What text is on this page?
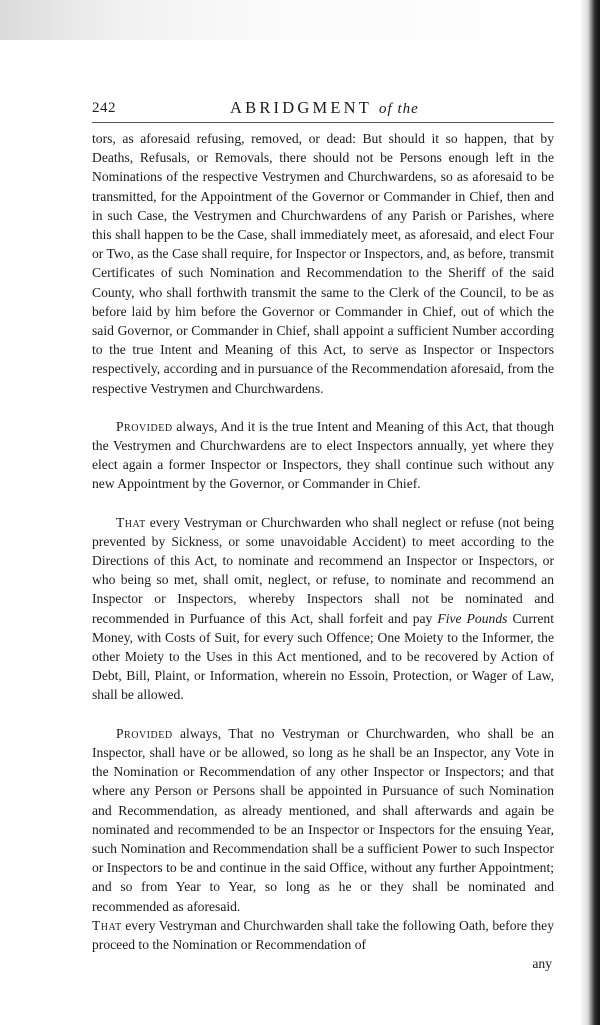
242	ABRIDGMENT of the

tors, as aforesaid refusing, removed, or dead: But should it so happen, that by Deaths, Refusals, or Removals, there should not be Persons enough left in the Nominations of the respective Vestrymen and Churchwardens, so as aforesaid to be transmitted, for the Appointment of the Governor or Commander in Chief, then and in such Case, the Vestrymen and Churchwardens of any Parish or Parishes, where this shall happen to be the Case, shall immediately meet, as aforesaid, and elect Four or Two, as the Case shall require, for Inspector or Inspectors, and, as before, transmit Certificates of such Nomination and Recommendation to the Sheriff of the said County, who shall forthwith transmit the same to the Clerk of the Council, to be as before laid by him before the Governor or Commander in Chief, out of which the said Governor, or Commander in Chief, shall appoint a sufficient Number according to the true Intent and Meaning of this Act, to serve as Inspector or Inspectors respectively, according and in pursuance of the Recommendation aforesaid, from the respective Vestrymen and Churchwardens.

Provided always, And it is the true Intent and Meaning of this Act, that though the Vestrymen and Churchwardens are to elect Inspectors annually, yet where they elect again a former Inspector or Inspectors, they shall continue such without any new Appointment by the Governor, or Commander in Chief.

That every Vestryman or Churchwarden who shall neglect or refuse (not being prevented by Sickness, or some unavoidable Accident) to meet according to the Directions of this Act, to nominate and recommend an Inspector or Inspectors, or who being so met, shall omit, neglect, or refuse, to nominate and recommend an Inspector or Inspectors, whereby Inspectors shall not be nominated and recommended in Purfuance of this Act, shall forfeit and pay Five Pounds Current Money, with Costs of Suit, for every such Offence; One Moiety to the Informer, the other Moiety to the Uses in this Act mentioned, and to be recovered by Action of Debt, Bill, Plaint, or Information, wherein no Essoin, Protection, or Wager of Law, shall be allowed.

Provided always, That no Vestryman or Churchwarden, who shall be an Inspector, shall have or be allowed, so long as he shall be an Inspector, any Vote in the Nomination or Recommendation of any other Inspector or Inspectors; and that where any Person or Persons shall be appointed in Pursuance of such Nomination and Recommendation, as already mentioned, and shall afterwards and again be nominated and recommended to be an Inspector or Inspectors for the ensuing Year, such Nomination and Recommendation shall be a sufficient Power to such Inspector or Inspectors to be and continue in the said Office, without any further Appointment; and so from Year to Year, so long as he or they shall be nominated and recommended as aforesaid.

That every Vestryman and Churchwarden shall take the following Oath, before they proceed to the Nomination or Recommendation of

any
